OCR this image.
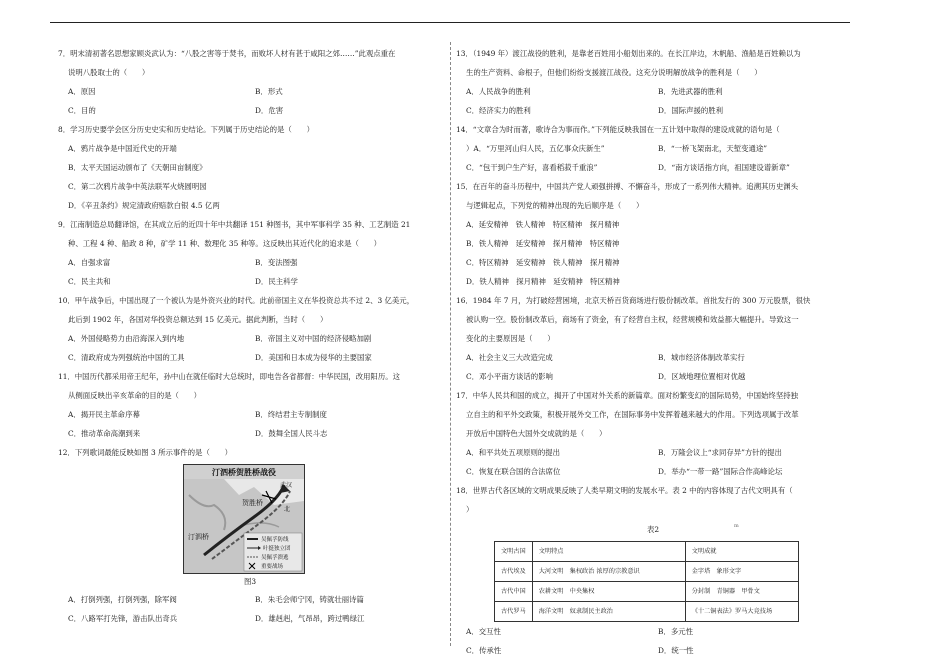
7．明末清初著名思想家顾炎武认为：“八股之害等于焚书，而败坏人材有甚于咸阳之郊……”此观点重在
说明八股取士的（　　）
A．原因	B．形式
C．目的	D．危害
8．学习历史要学会区分历史史实和历史结论。下列属于历史结论的是（　　）
A．鸦片战争是中国近代史的开端
B．太平天国运动颁布了《天朝田亩制度》
C．第二次鸦片战争中英法联军火烧圆明园
D．《辛丑条约》规定清政府赔款白银 4.5 亿两
9．江南制造总局翻译馆，在其成立后的近四十年中共翻译 151 种图书，其中军事科学 35 种、工艺制造 21
种、工程 4 种、船政 8 种，矿学 11 种、数理化 35 种等。这反映出其近代化的追求是（　　）
A．自强求富	B．变法图强
C．民主共和	D．民主科学
10．甲午战争后，中国出现了一个被认为是外资兴业的时代。此前帝国主义在华投资总共不过 2、3 亿美元，
此后到 1902 年，各国对华投资总额达到 15 亿美元。据此判断，当时（　　）
A．外国侵略势力由沿海深入到内地	B．帝国主义对中国的经济侵略加剧
C．清政府成为列强统治中国的工具	D．美国和日本成为侵华的主要国家
11．中国历代都采用帝王纪年，孙中山在就任临时大总统时，即电告各省都督：中华民国，改用阳历。这
从侧面反映出辛亥革命的目的是（　　）
A．揭开民主革命序幕	B．终结君主专制制度
C．推动革命高潮到来	D．鼓舞全国人民斗志
12．下列歌词最能反映如图 3 所示事件的是（　　）
汀泗桥贺胜桥战役
贺胜桥
武汉
北
汀泗桥	吴佩孚防线
叶挺独立团
吴佩孚溃逃
重要战场
图3
A．打倒列强，打倒列强，除军阀	B．朱毛会师宁冈，铸就壮丽诗篇
C．八路军打先锋，游击队出奇兵	D．雄赳赳，气昂昂，跨过鸭绿江
13．（1949 年）渡江战役的胜利，是靠老百姓用小船划出来的。在长江岸边，木帆船、渔船是百姓赖以为
生的生产资料、命根子，但他们纷纷支援渡江战役。这充分说明解放战争的胜利是（　　）
A．人民战争的胜利	B．先进武器的胜利
C．经济实力的胜利	D．国际声援的胜利
14．“文章合为时而著，歌诗合为事而作。”下列能反映我国在一五计划中取得的建设成就的语句是（
）A．“万里河山归人民，五亿事众庆新生”	B．“一桥飞架南北，天堑变通途”
C．“包干到户生产好，喜看稻菽千重浪”	D．“南方谈话指方向，祖国建设谱新章”
15．在百年的奋斗历程中，中国共产党人顽强拼搏、不懈奋斗，形成了一系列伟大精神。追溯其历史渊头
与逻辑起点，下列党的精神出现的先后顺序是（　　）
A．延安精神　铁人精神　特区精神　探月精神
B．铁人精神　延安精神　探月精神　特区精神
C．特区精神　延安精神　铁人精神　探月精神
D．铁人精神　探月精神　延安精神　特区精神
16．1984 年 7 月，为打破经营困境，北京天桥百货商场进行股份制改革。首批发行的 300 万元股票，很快
被认购一空。股份制改革后，商场有了资金，有了经营自主权，经营规模和效益都大幅提升。导致这一
变化的主要原因是（　　）
A．社会主义三大改造完成	B．城市经济体制改革实行
C．邓小平南方谈话的影响	D．区域地理位置相对优越
17．中华人民共和国的成立，揭开了中国对外关系的新篇章。面对纷繁变幻的国际局势，中国始终坚持独
立自主的和平外交政策，积极开展外交工作，在国际事务中发挥着越来越大的作用。下列选项属于改革
开放后中国特色大国外交成就的是（　　）
A．和平共处五项原则的提出	B．万隆会议上“求同存异”方针的提出
C．恢复在联合国的合法席位	D．举办“一带一路”国际合作高峰论坛
18．世界古代各区域的文明成果反映了人类早期文明的发展水平。表 2 中的内容体现了古代文明具有（
）
表2	m
文明古国	文明特点	文明成就
古代埃及	大河文明　集权政治 浓厚的宗教意识	金字塔　象形文字
古代中国	农耕文明　中央集权	分封制　青铜器　甲骨文
古代罗马	海洋文明　奴隶制民主政治	《十二铜表法》罗马大竞技场
A．交互性	B．多元性
C．传承性	D．统一性
